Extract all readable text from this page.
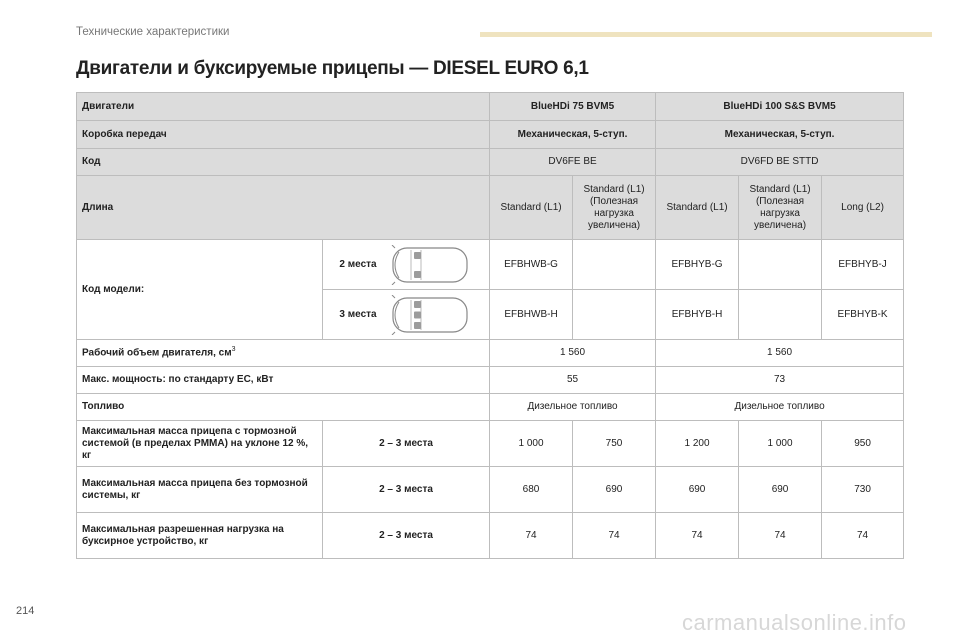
Технические характеристики
Двигатели и буксируемые прицепы — DIESEL EURO 6,1
Двигатели		BlueHDi 75 BVM5		BlueHDi 100 S&S BVM5		
Коробка передач		Механическая, 5-ступ.		Механическая, 5-ступ.		
Код		DV6FE BE		DV6FD BE STTD		
Длина		Standard (L1)	Standard (L1) (Полезная нагрузка увеличена)	Standard (L1)	Standard (L1) (Полезная нагрузка увеличена)	Long (L2)
Код модели:	2 места	EFBHWB-G		EFBHYB-G		EFBHYB-J

	3 места	EFBHWB-H		EFBHYB-H		EFBHYB-K
Рабочий объем двигателя, $см^3$		1 560		1 560		
Макс. мощность: по стандарту ЕС, кВт		55		73		
Топливо		Дизельное топливо		Дизельное топливо		
Максимальная масса прицепа с тормозной системой (в пределах PMMA) на уклоне 12 %, кг	2 – 3 места	1 000	750	1 200	1 000	950
Максимальная масса прицепа без тормозной системы, кг	2 – 3 места	680	690	690	690	730
Максимальная разрешенная нагрузка на буксирное устройство, кг	2 – 3 места	74	74	74	74	74
214	carmanualsonline.info
